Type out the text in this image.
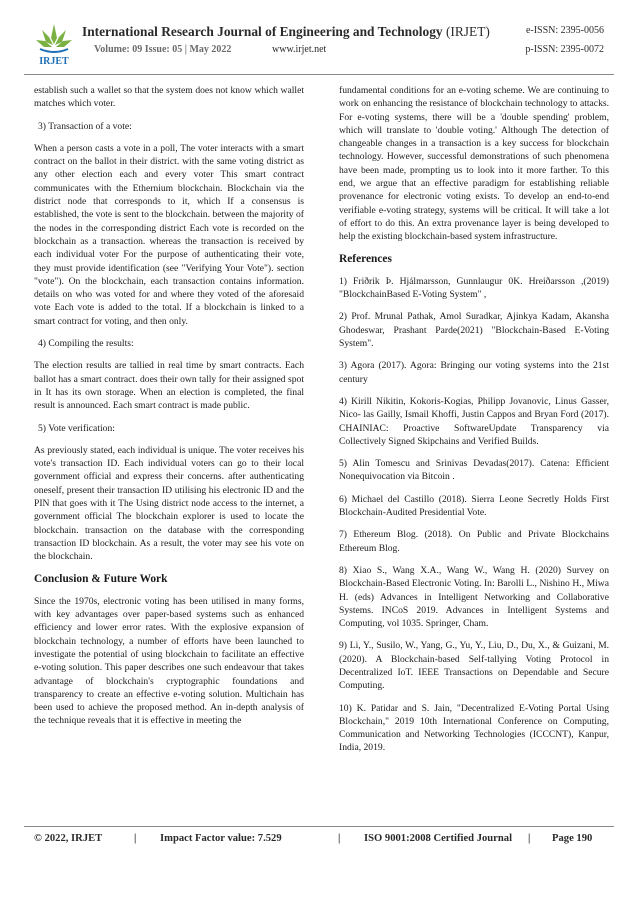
IRJET
International Research Journal of Engineering and Technology (IRJET)	e-ISSN: 2395-0056
Volume: 09 Issue: 05 | May 2022	www.irjet.net	p-ISSN: 2395-0072

establish such a wallet so that the system does not know which wallet matches which voter.

3) Transaction of a vote:

When a person casts a vote in a poll, The voter interacts with a smart contract on the ballot in their district. with the same voting district as any other election each and every voter This smart contract communicates with the Ethernium blockchain. Blockchain via the district node that corresponds to it, which If a consensus is established, the vote is sent to the blockchain. between the majority of the nodes in the corresponding district Each vote is recorded on the blockchain as a transaction. whereas the transaction is received by each individual voter For the purpose of authenticating their vote, they must provide identification (see "Verifying Your Vote"). section "vote"). On the blockchain, each transaction contains information. details on who was voted for and where they voted of the aforesaid vote Each vote is added to the total. If a blockchain is linked to a smart contract for voting, and then only.

4) Compiling the results:

The election results are tallied in real time by smart contracts. Each ballot has a smart contract. does their own tally for their assigned spot in It has its own storage. When an election is completed, the final result is announced. Each smart contract is made public.

5) Vote verification:

As previously stated, each individual is unique. The voter receives his vote's transaction ID. Each individual voters can go to their local government official and express their concerns. after authenticating oneself, present their transaction ID utilising his electronic ID and the PIN that goes with it The Using district node access to the internet, a government official The blockchain explorer is used to locate the blockchain. transaction on the database with the corresponding transaction ID blockchain. As a result, the voter may see his vote on the blockchain.

Conclusion & Future Work

Since the 1970s, electronic voting has been utilised in many forms, with key advantages over paper-based systems such as enhanced efficiency and lower error rates. With the explosive expansion of blockchain technology, a number of efforts have been launched to investigate the potential of using blockchain to facilitate an effective e-voting solution. This paper describes one such endeavour that takes advantage of blockchain's cryptographic foundations and transparency to create an effective e-voting solution. Multichain has been used to achieve the proposed method. An in-depth analysis of the technique reveals that it is effective in meeting the

fundamental conditions for an e-voting scheme. We are continuing to work on enhancing the resistance of blockchain technology to attacks. For e-voting systems, there will be a 'double spending' problem, which will translate to 'double voting.' Although The detection of changeable changes in a transaction is a key success for blockchain technology. However, successful demonstrations of such phenomena have been made, prompting us to look into it more farther. To this end, we argue that an effective paradigm for establishing reliable provenance for electronic voting exists. To develop an end-to-end verifiable e-voting strategy, systems will be critical. It will take a lot of effort to do this. An extra provenance layer is being developed to help the existing blockchain-based system infrastructure.

References
1) Friðrik Þ. Hjálmarsson, Gunnlaugur 0K. Hreiðarsson ,(2019) "BlockchainBased E-Voting System" ,
2) Prof. Mrunal Pathak, Amol Suradkar, Ajinkya Kadam, Akansha Ghodeswar, Prashant Parde(2021) "Blockchain-Based E-Voting System".
3) Agora (2017). Agora: Bringing our voting systems into the 21st century
4) Kirill Nikitin, Kokoris-Kogias, Philipp Jovanovic, Linus Gasser, Nico- las Gailly, Ismail Khoffi, Justin Cappos and Bryan Ford (2017). CHAINIAC: Proactive SoftwareUpdate Transparency via Collectively Signed Skipchains and Verified Builds.
5) Alin Tomescu and Srinivas Devadas(2017). Catena: Efficient Nonequivocation via Bitcoin .
6) Michael del Castillo (2018). Sierra Leone Secretly Holds First Blockchain-Audited Presidential Vote.
7) Ethereum Blog. (2018). On Public and Private Blockchains Ethereum Blog.
8) Xiao S., Wang X.A., Wang W., Wang H. (2020) Survey on Blockchain-Based Electronic Voting. In: Barolli L., Nishino H., Miwa H. (eds) Advances in Intelligent Networking and Collaborative Systems. INCoS 2019. Advances in Intelligent Systems and Computing, vol 1035. Springer, Cham.
9) Li, Y., Susilo, W., Yang, G., Yu, Y., Liu, D., Du, X., & Guizani, M. (2020). A Blockchain-based Self-tallying Voting Protocol in Decentralized IoT. IEEE Transactions on Dependable and Secure Computing.
10) K. Patidar and S. Jain, "Decentralized E-Voting Portal Using Blockchain," 2019 10th International Conference on Computing, Communication and Networking Technologies (ICCCNT), Kanpur, India, 2019.
© 2022, IRJET	| Impact Factor value: 7.529	| ISO 9001:2008 Certified Journal | Page 190
